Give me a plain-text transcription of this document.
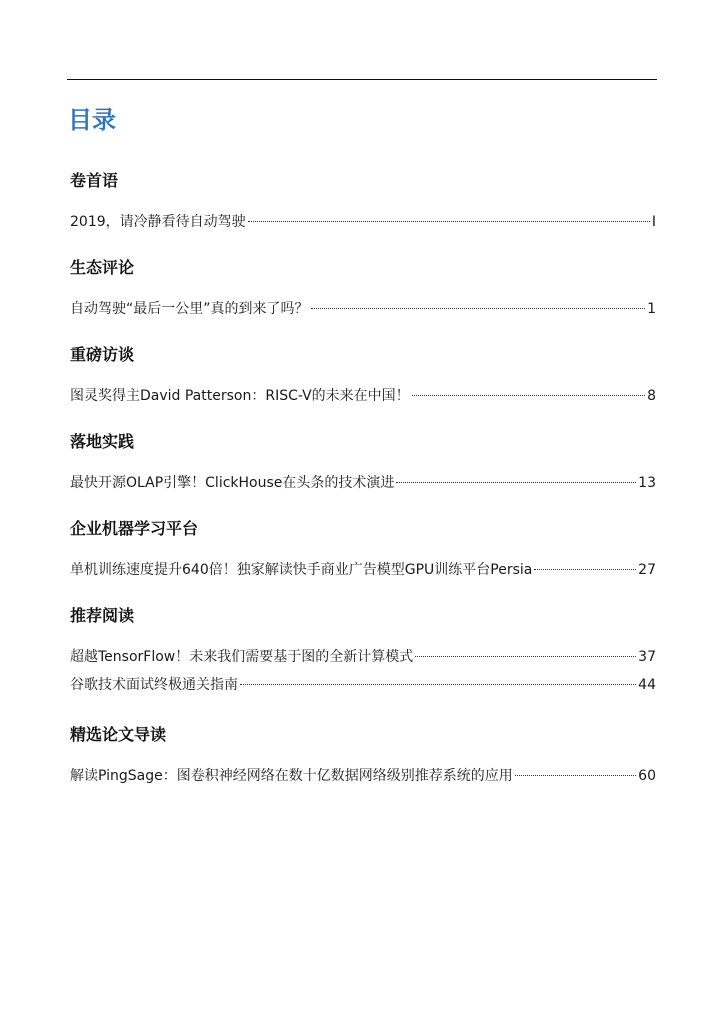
目录
卷首语
2019，请冷静看待自动驾驶	I
生态评论
自动驾驶“最后一公里”真的到来了吗？	1
重磅访谈
图灵奖得主David Patterson：RISC-V的未来在中国！	8
落地实践
最快开源OLAP引擎！ClickHouse在头条的技术演进	13
企业机器学习平台
单机训练速度提升640倍！独家解读快手商业广告模型GPU训练平台Persia	27
推荐阅读
超越TensorFlow！未来我们需要基于图的全新计算模式	37
谷歌技术面试终极通关指南	44
精选论文导读
解读PingSage：图卷积神经网络在数十亿数据网络级别推荐系统的应用	60
